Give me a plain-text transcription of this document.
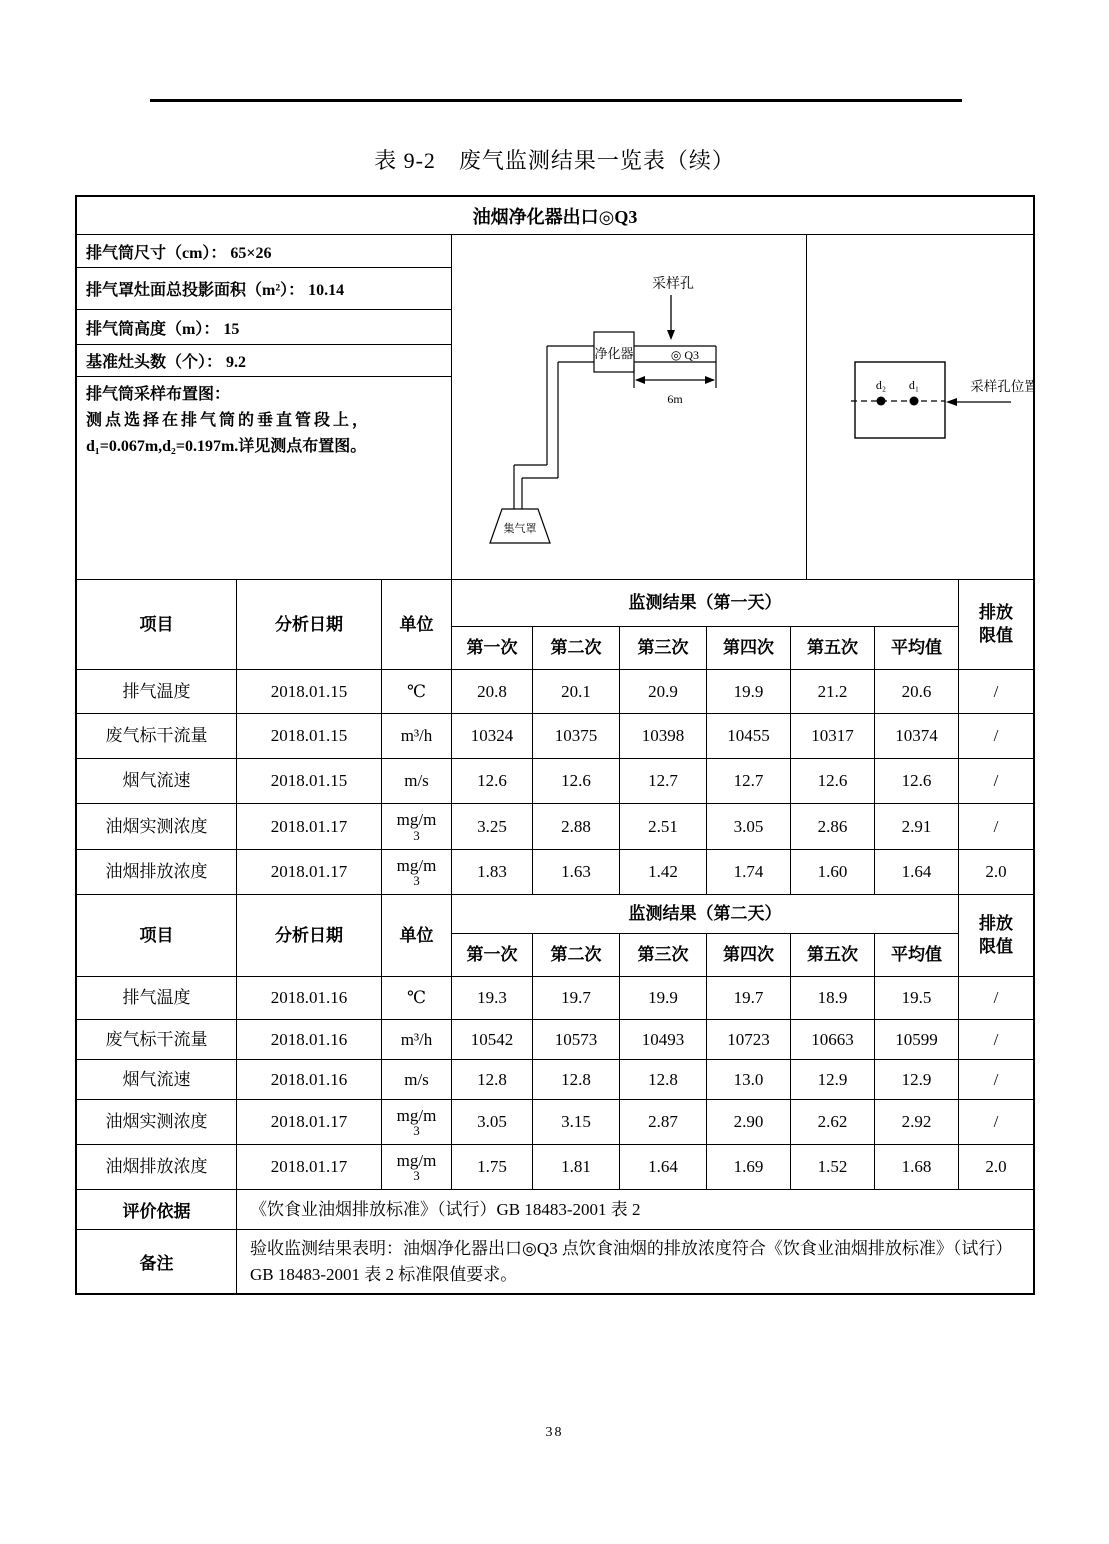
表 9-2　废气监测结果一览表（续）
油烟净化器出口◎Q3
排气筒尺寸（cm）： 65×26
排气罩灶面总投影面积（m²）： 10.14
排气筒高度（m）： 15
基准灶头数（个）： 9.2
排气筒采样布置图：
测点选择在排气筒的垂直管段上，
d₁=0.067m,d₂=0.197m.详见测点布置图。
采样孔
净化器	◎ Q3
6m
集气罩
d₂ d₁	采样孔位置
项目	分析日期	单位
监测结果（第一天）	排放限值
第一次	第二次	第三次	第四次	第五次	平均值
排气温度	2018.01.15	℃	20.8	20.1	20.9	19.9	21.2	20.6	/
废气标干流量	2018.01.15	m³/h	10324	10375	10398	10455	10317	10374	/
烟气流速	2018.01.15	m/s	12.6	12.6	12.7	12.7	12.6	12.6	/
油烟实测浓度	2018.01.17	mg/m
3	3.25	2.88	2.51	3.05	2.86	2.91	/
油烟排放浓度	2018.01.17	mg/m
3	1.83	1.63	1.42	1.74	1.60	1.64	2.0
项目	分析日期	单位
监测结果（第二天）	排放限值
第一次	第二次	第三次	第四次	第五次	平均值
排气温度	2018.01.16	℃	19.3	19.7	19.9	19.7	18.9	19.5	/
废气标干流量	2018.01.16	m³/h	10542	10573	10493	10723	10663	10599	/
烟气流速	2018.01.16	m/s	12.8	12.8	12.8	13.0	12.9	12.9	/
油烟实测浓度	2018.01.17	mg/m
3	3.05	3.15	2.87	2.90	2.62	2.92	/
油烟排放浓度	2018.01.17	mg/m
3	1.75	1.81	1.64	1.69	1.52	1.68	2.0
评价依据	《饮食业油烟排放标准》（试行）GB 18483-2001 表 2
备注
验收监测结果表明：油烟净化器出口◎Q3 点饮食油烟的排放浓度符合《饮食业油烟排放标准》（试行）GB 18483-2001 表 2 标准限值要求。
38
